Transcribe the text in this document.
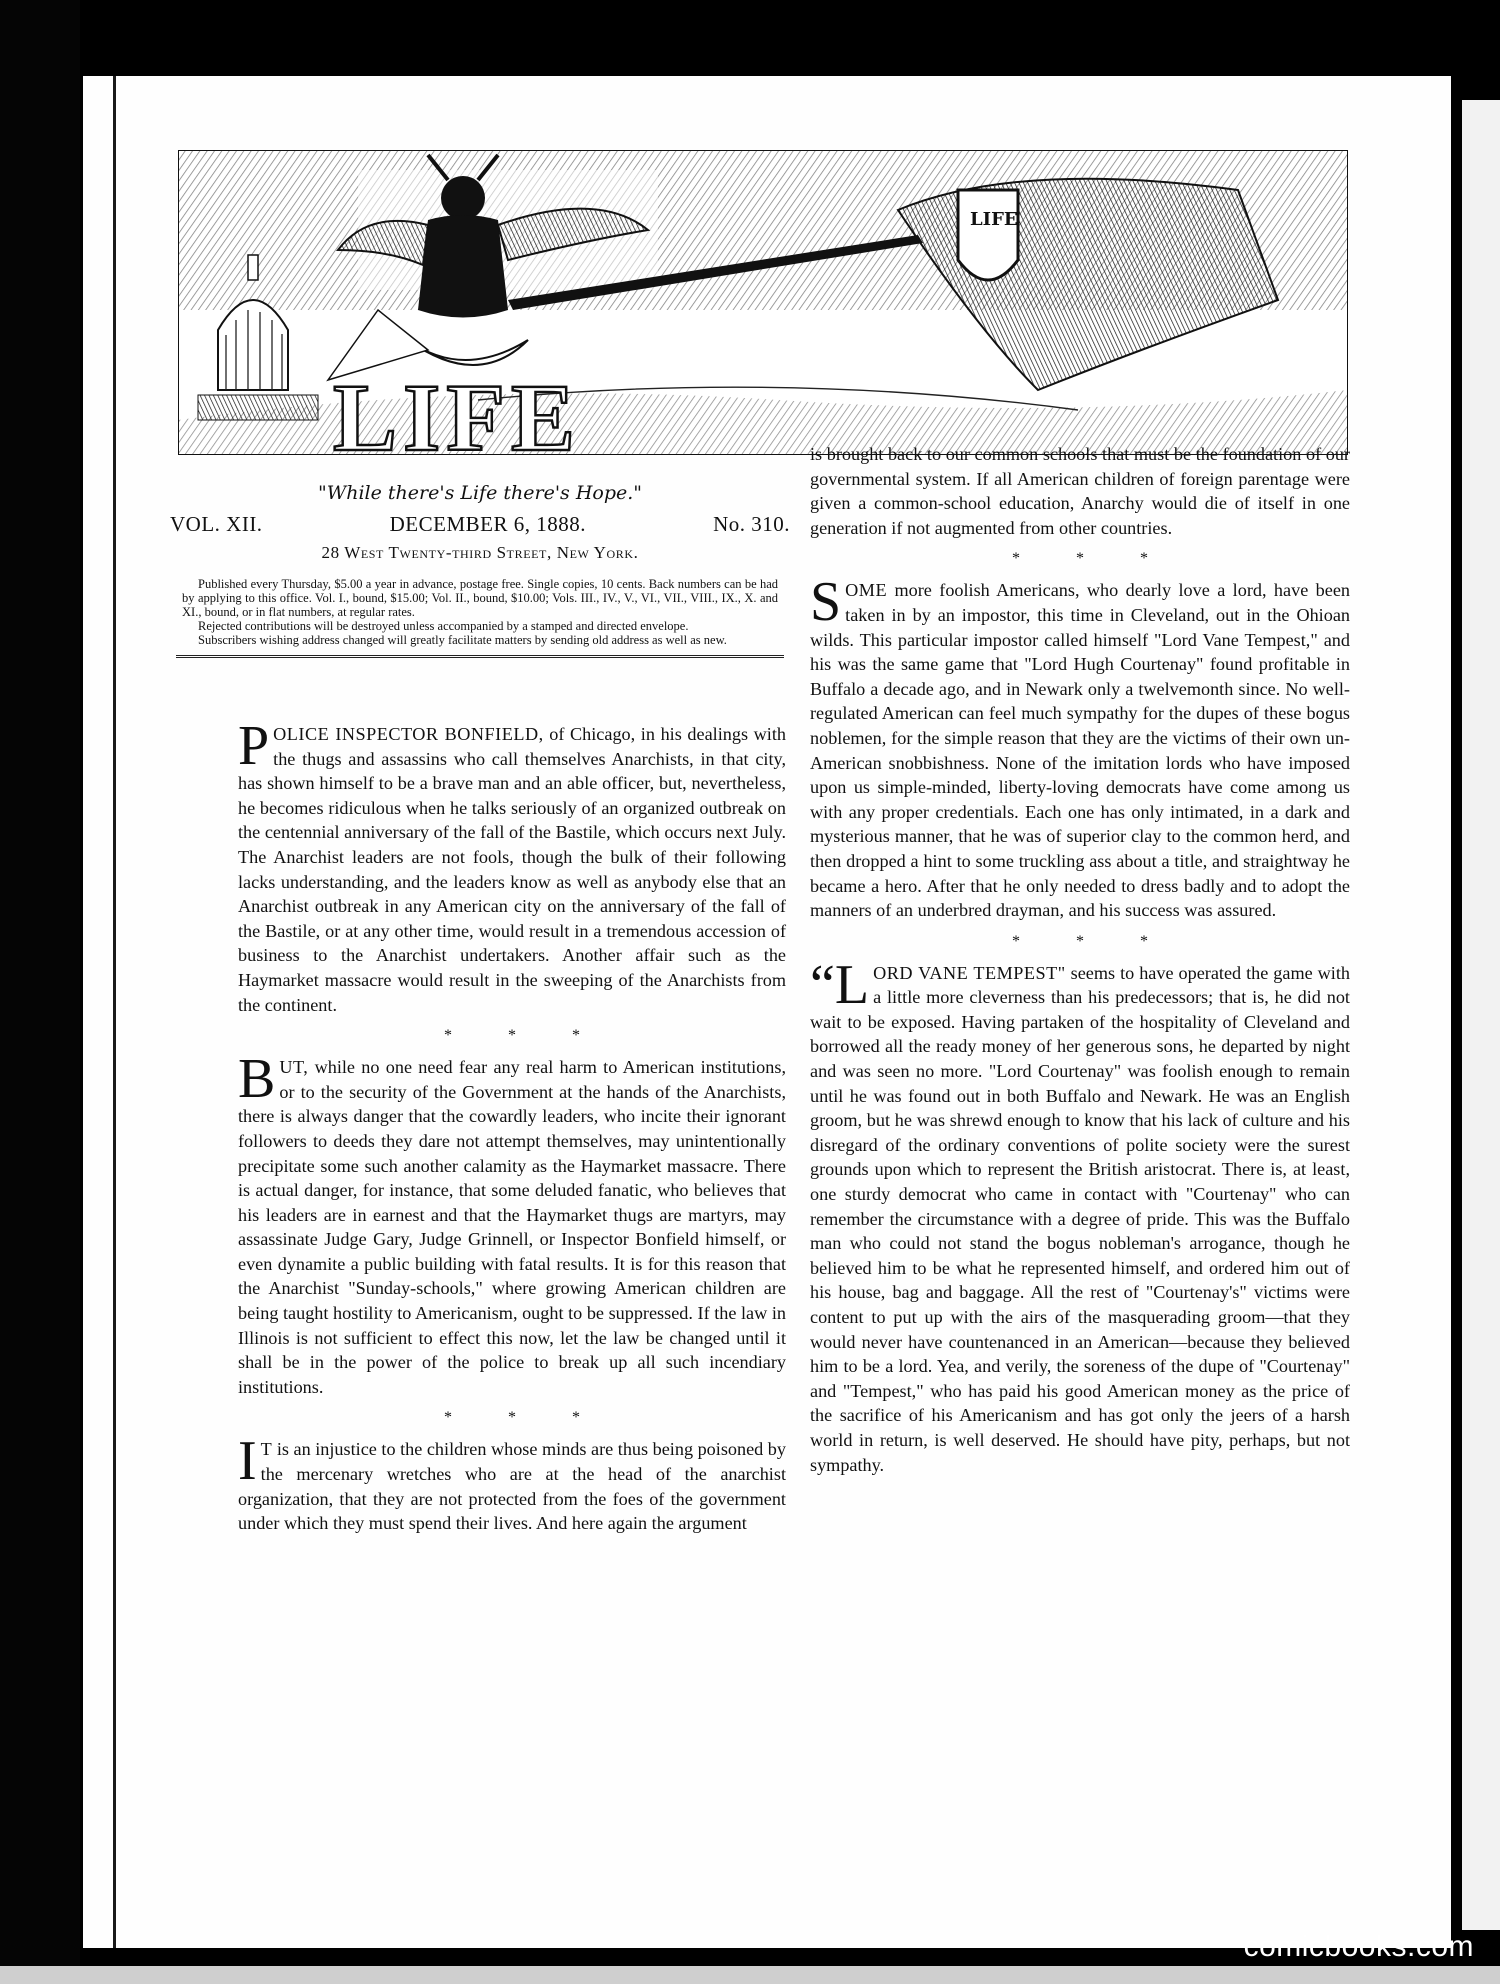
LIFE
LIFE

"While there's Life there's Hope."

VOL. XII.	DECEMBER 6, 1888.	No. 310.
28 West Twenty-third Street, New York.

Published every Thursday, $5.00 a year in advance, postage free. Single copies, 10 cents. Back numbers can be had by applying to this office. Vol. I., bound, $15.00; Vol. II., bound, $10.00; Vols. III., IV., V., VI., VII., VIII., IX., X. and XI., bound, or in flat numbers, at regular rates.

Rejected contributions will be destroyed unless accompanied by a stamped and directed envelope.

Subscribers wishing address changed will greatly facilitate matters by sending old address as well as new.

POLICE INSPECTOR BONFIELD, of Chicago, in his dealings with the thugs and assassins who call themselves Anarchists, in that city, has shown himself to be a brave man and an able officer, but, nevertheless, he becomes ridiculous when he talks seriously of an organized outbreak on the centennial anniversary of the fall of the Bastile, which occurs next July. The Anarchist leaders are not fools, though the bulk of their following lacks understanding, and the leaders know as well as anybody else that an Anarchist outbreak in any American city on the anniversary of the fall of the Bastile, or at any other time, would result in a tremendous accession of business to the Anarchist undertakers. Another affair such as the Haymarket massacre would result in the sweeping of the Anarchists from the continent.

* * *

BUT, while no one need fear any real harm to American institutions, or to the security of the Government at the hands of the Anarchists, there is always danger that the cowardly leaders, who incite their ignorant followers to deeds they dare not attempt themselves, may unintentionally precipitate some such another calamity as the Haymarket massacre. There is actual danger, for instance, that some deluded fanatic, who believes that his leaders are in earnest and that the Haymarket thugs are martyrs, may assassinate Judge Gary, Judge Grinnell, or Inspector Bonfield himself, or even dynamite a public building with fatal results. It is for this reason that the Anarchist "Sunday-schools," where growing American children are being taught hostility to Americanism, ought to be suppressed. If the law in Illinois is not sufficient to effect this now, let the law be changed until it shall be in the power of the police to break up all such incendiary institutions.

* * *

I T is an injustice to the children whose minds are thus being poisoned by the mercenary wretches who are at the head of the anarchist organization, that they are not protected from the foes of the government under which they must spend their lives. And here again the argument

is brought back to our common schools that must be the foundation of our governmental system. If all American children of foreign parentage were given a common-school education, Anarchy would die of itself in one generation if not augmented from other countries.

* * *

SOME more foolish Americans, who dearly love a lord, have been taken in by an impostor, this time in Cleveland, out in the Ohioan wilds. This particular impostor called himself "Lord Vane Tempest," and his was the same game that "Lord Hugh Courtenay" found profitable in Buffalo a decade ago, and in Newark only a twelvemonth since. No well-regulated American can feel much sympathy for the dupes of these bogus noblemen, for the simple reason that they are the victims of their own un-American snobbishness. None of the imitation lords who have imposed upon us simple-minded, liberty-loving democrats have come among us with any proper credentials. Each one has only intimated, in a dark and mysterious manner, that he was of superior clay to the common herd, and then dropped a hint to some truckling ass about a title, and straightway he became a hero. After that he only needed to dress badly and to adopt the manners of an underbred drayman, and his success was assured.

* * *

“LORD VANE TEMPEST" seems to have operated the game with a little more cleverness than his predecessors; that is, he did not wait to be exposed. Having partaken of the hospitality of Cleveland and borrowed all the ready money of her generous sons, he departed by night and was seen no more. "Lord Courtenay" was foolish enough to remain until he was found out in both Buffalo and Newark. He was an English groom, but he was shrewd enough to know that his lack of culture and his disregard of the ordinary conventions of polite society were the surest grounds upon which to represent the British aristocrat. There is, at least, one sturdy democrat who came in contact with "Courtenay" who can remember the circumstance with a degree of pride. This was the Buffalo man who could not stand the bogus nobleman's arrogance, though he believed him to be what he represented himself, and ordered him out of his house, bag and baggage. All the rest of "Courtenay's" victims were content to put up with the airs of the masquerading groom—that they would never have countenanced in an American—because they believed him to be a lord. Yea, and verily, the soreness of the dupe of "Courtenay" and "Tempest," who has paid his good American money as the price of the sacrifice of his Americanism and has got only the jeers of a harsh world in return, is well deserved. He should have pity, perhaps, but not sympathy.

comicbooks.com
